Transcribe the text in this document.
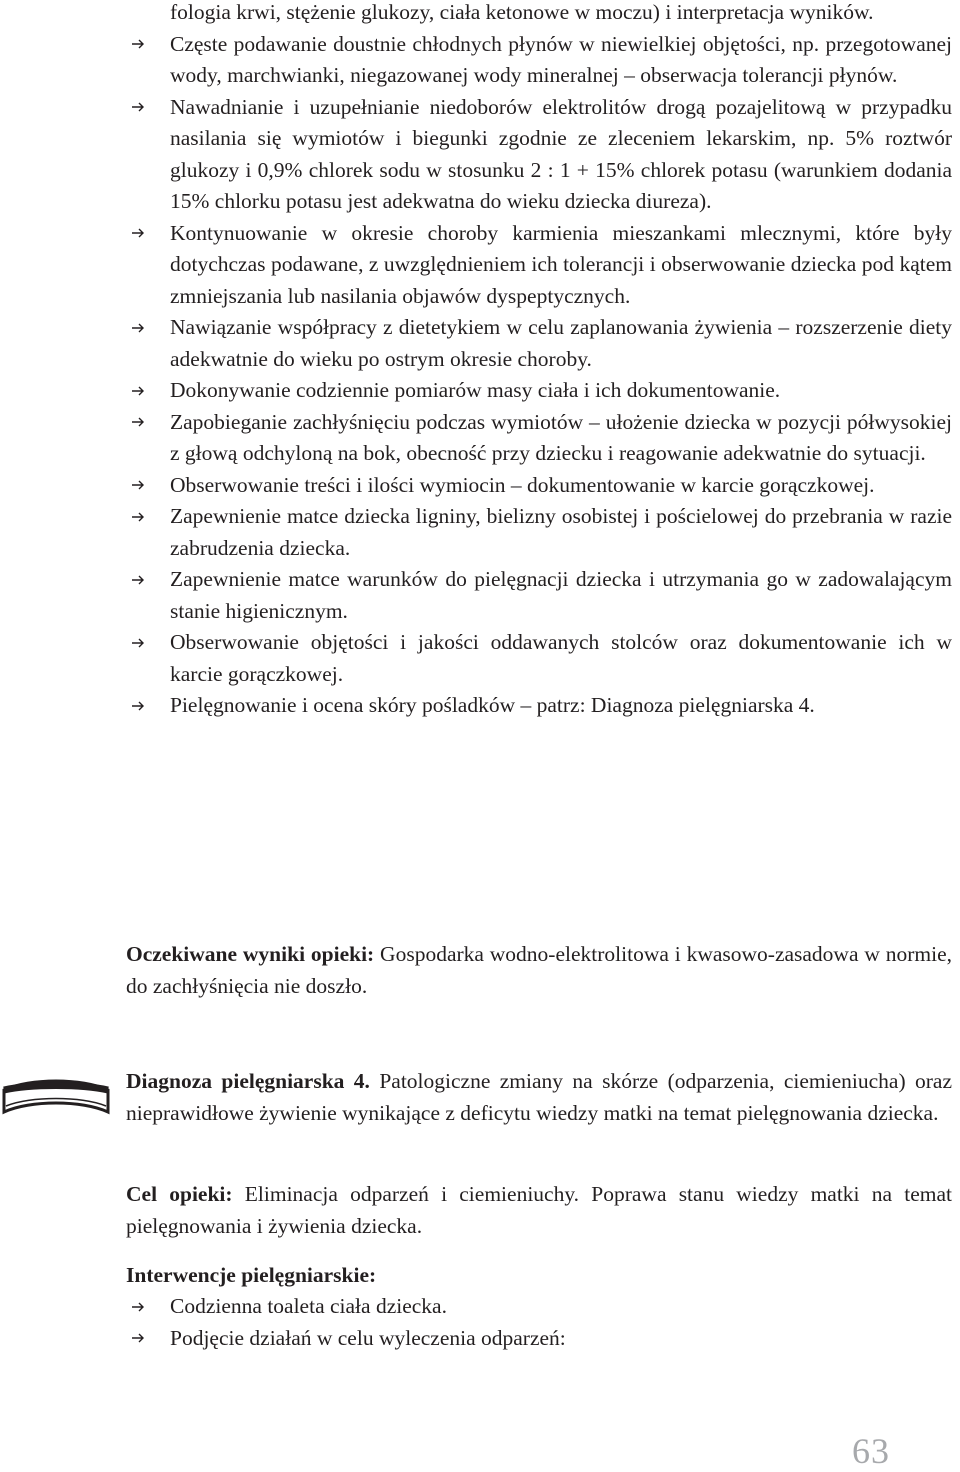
fologia krwi, stężenie glukozy, ciała ketonowe w moczu) i interpretacja wyników.
Częste podawanie doustnie chłodnych płynów w niewielkiej objętości, np. przegotowanej wody, marchwianki, niegazowanej wody mineralnej – obserwacja tolerancji płynów.
Nawadnianie i uzupełnianie niedoborów elektrolitów drogą pozajelitową w przypadku nasilania się wymiotów i biegunki zgodnie ze zleceniem lekarskim, np. 5% roztwór glukozy i 0,9% chlorek sodu w stosunku 2 : 1 + 15% chlorek potasu (warunkiem dodania 15% chlorku potasu jest adekwatna do wieku dziecka diureza).
Kontynuowanie w okresie choroby karmienia mieszankami mlecznymi, które były dotychczas podawane, z uwzględnieniem ich tolerancji i obserwowanie dziecka pod kątem zmniejszania lub nasilania objawów dyspeptycznych.
Nawiązanie współpracy z dietetykiem w celu zaplanowania żywienia – rozszerzenie diety adekwatnie do wieku po ostrym okresie choroby.
Dokonywanie codziennie pomiarów masy ciała i ich dokumentowanie.
Zapobieganie zachłyśnięciu podczas wymiotów – ułożenie dziecka w pozycji półwysokiej z głową odchyloną na bok, obecność przy dziecku i reagowanie adekwatnie do sytuacji.
Obserwowanie treści i ilości wymiocin – dokumentowanie w karcie gorączkowej.
Zapewnienie matce dziecka ligniny, bielizny osobistej i pościelowej do przebrania w razie zabrudzenia dziecka.
Zapewnienie matce warunków do pielęgnacji dziecka i utrzymania go w zadowalającym stanie higienicznym.
Obserwowanie objętości i jakości oddawanych stolców oraz dokumentowanie ich w karcie gorączkowej.
Pielęgnowanie i ocena skóry pośladków – patrz: Diagnoza pielęgniarska 4.

Oczekiwane wyniki opieki: Gospodarka wodno-elektrolitowa i kwasowo-zasadowa w normie, do zachłyśnięcia nie doszło.

Diagnoza pielęgniarska 4. Patologiczne zmiany na skórze (odparzenia, ciemieniucha) oraz nieprawidłowe żywienie wynikające z deficytu wiedzy matki na temat pielęgnowania dziecka.

Cel opieki: Eliminacja odparzeń i ciemieniuchy. Poprawa stanu wiedzy matki na temat pielęgnowania i żywienia dziecka.

Interwencje pielęgniarskie:

Codzienna toaleta ciała dziecka.
Podjęcie działań w celu wyleczenia odparzeń:
63
